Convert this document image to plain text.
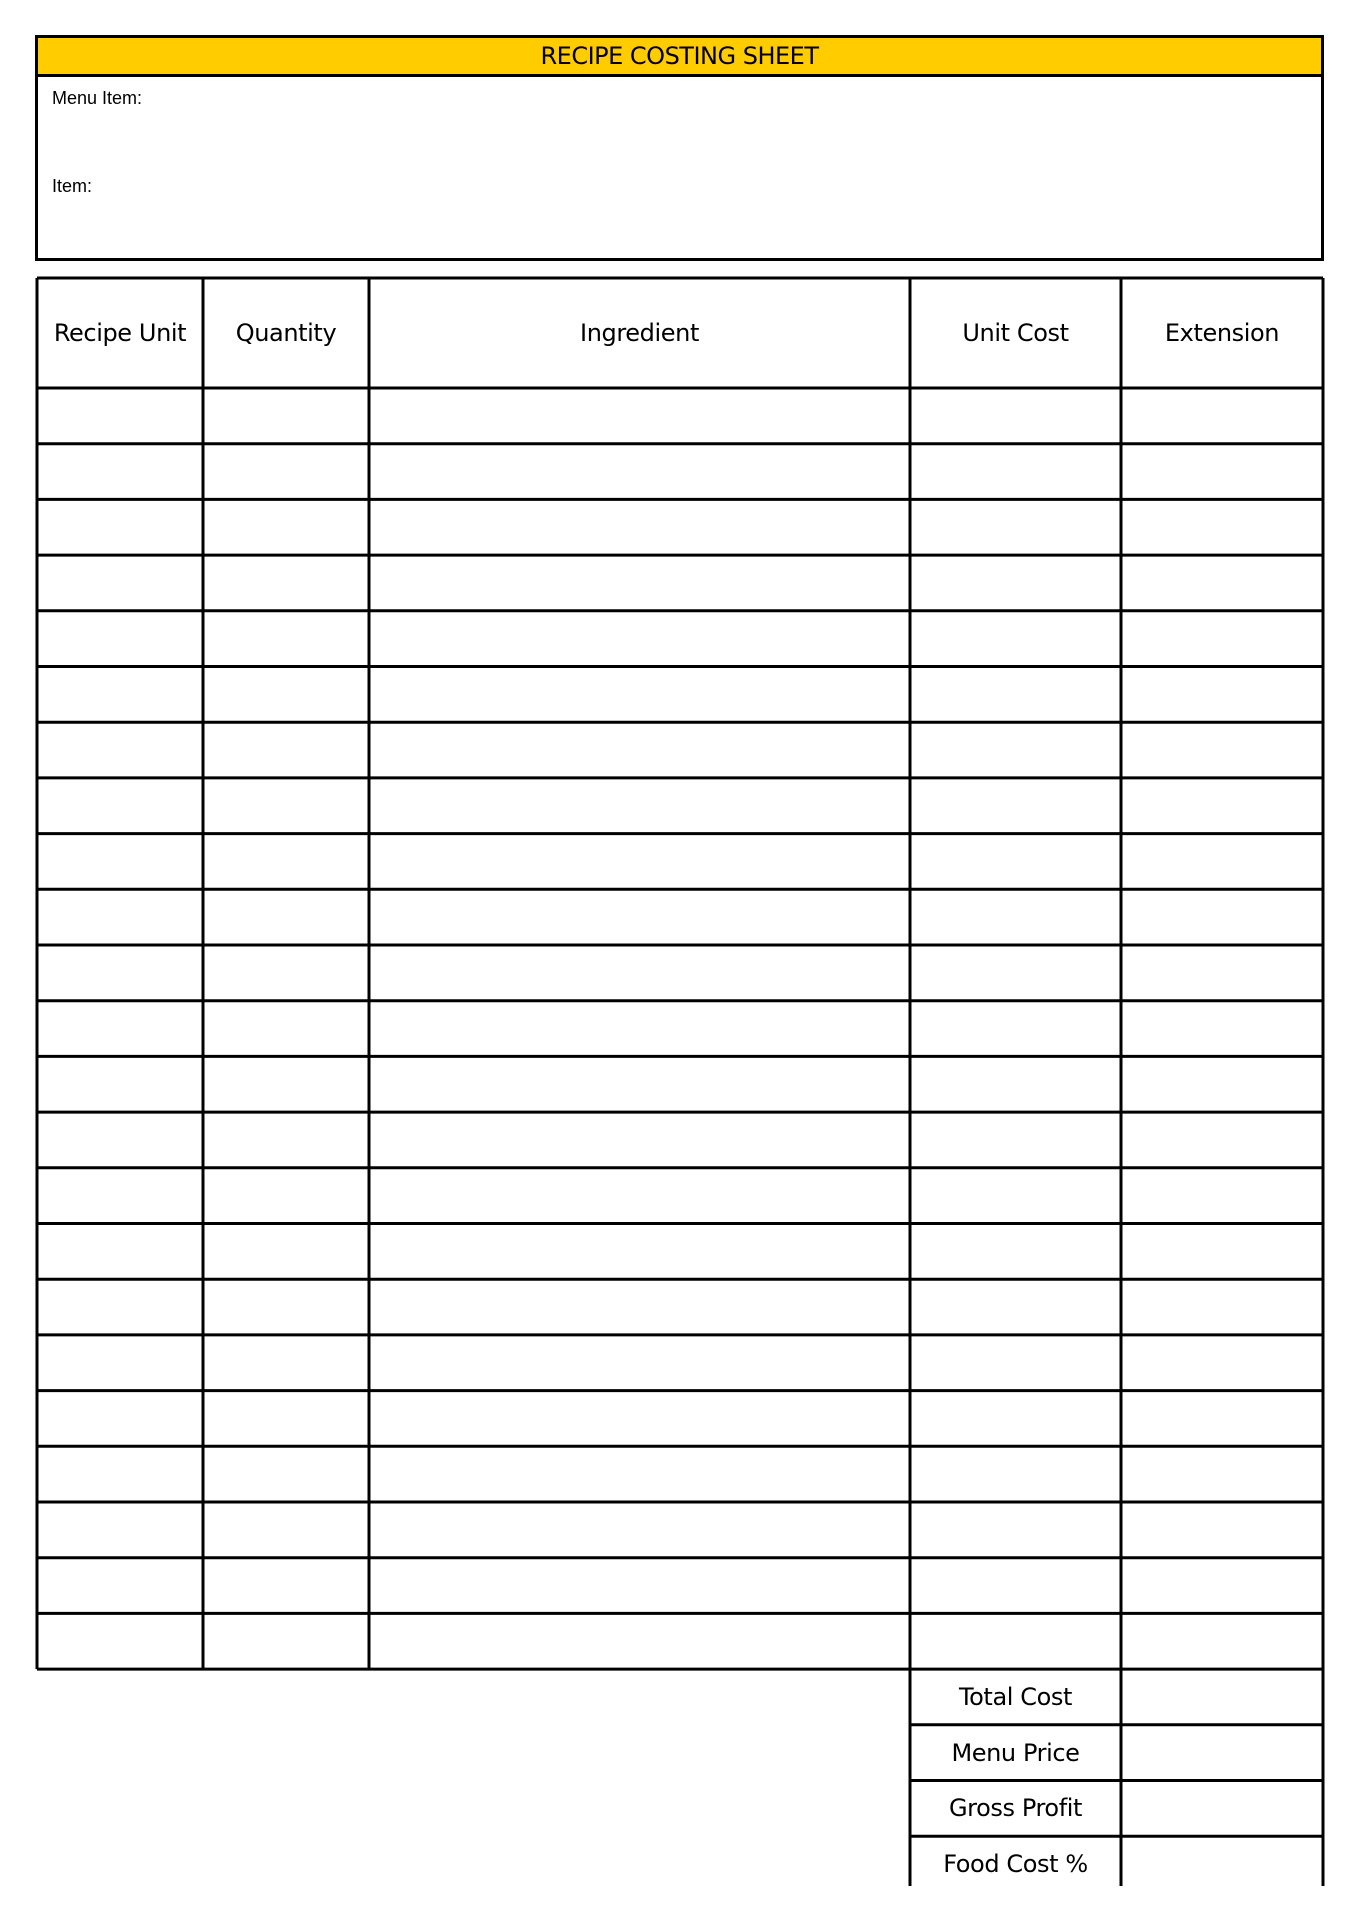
RECIPE COSTING SHEET
Menu Item:
Item:
Recipe Unit	Quantity	Ingredient	Unit Cost	Extension
Total Cost
Menu Price
Gross Profit
Food Cost %
